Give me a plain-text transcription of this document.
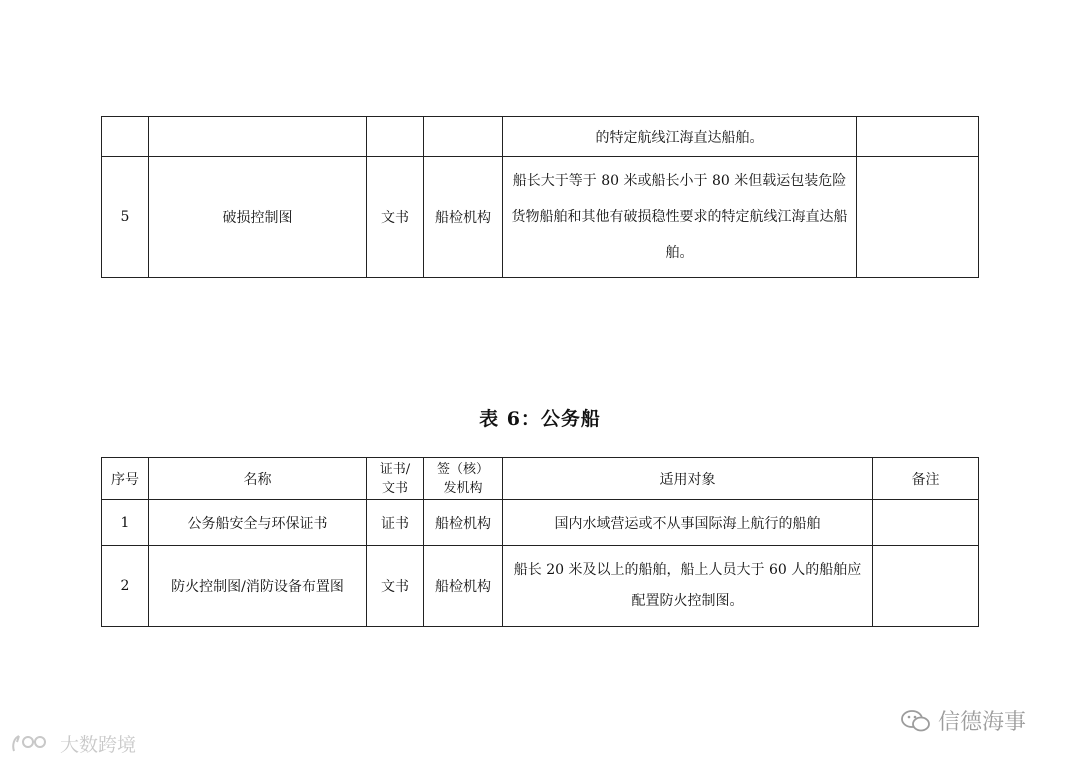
				的特定航线江海直达船舶。	
5	破损控制图	文书	船检机构	船长大于等于 80 米或船长小于 80 米但载运包装危险货物船舶和其他有破损稳性要求的特定航线江海直达船舶。	
表 6：公务船
序号	名称	证书/文书	签（核）发机构	适用对象	备注
1	公务船安全与环保证书	证书	船检机构	国内水域营运或不从事国际海上航行的船舶	
2	防火控制图/消防设备布置图	文书	船检机构	船长 20 米及以上的船舶，船上人员大于 60 人的船舶应配置防火控制图。	
大数跨境
信德海事
